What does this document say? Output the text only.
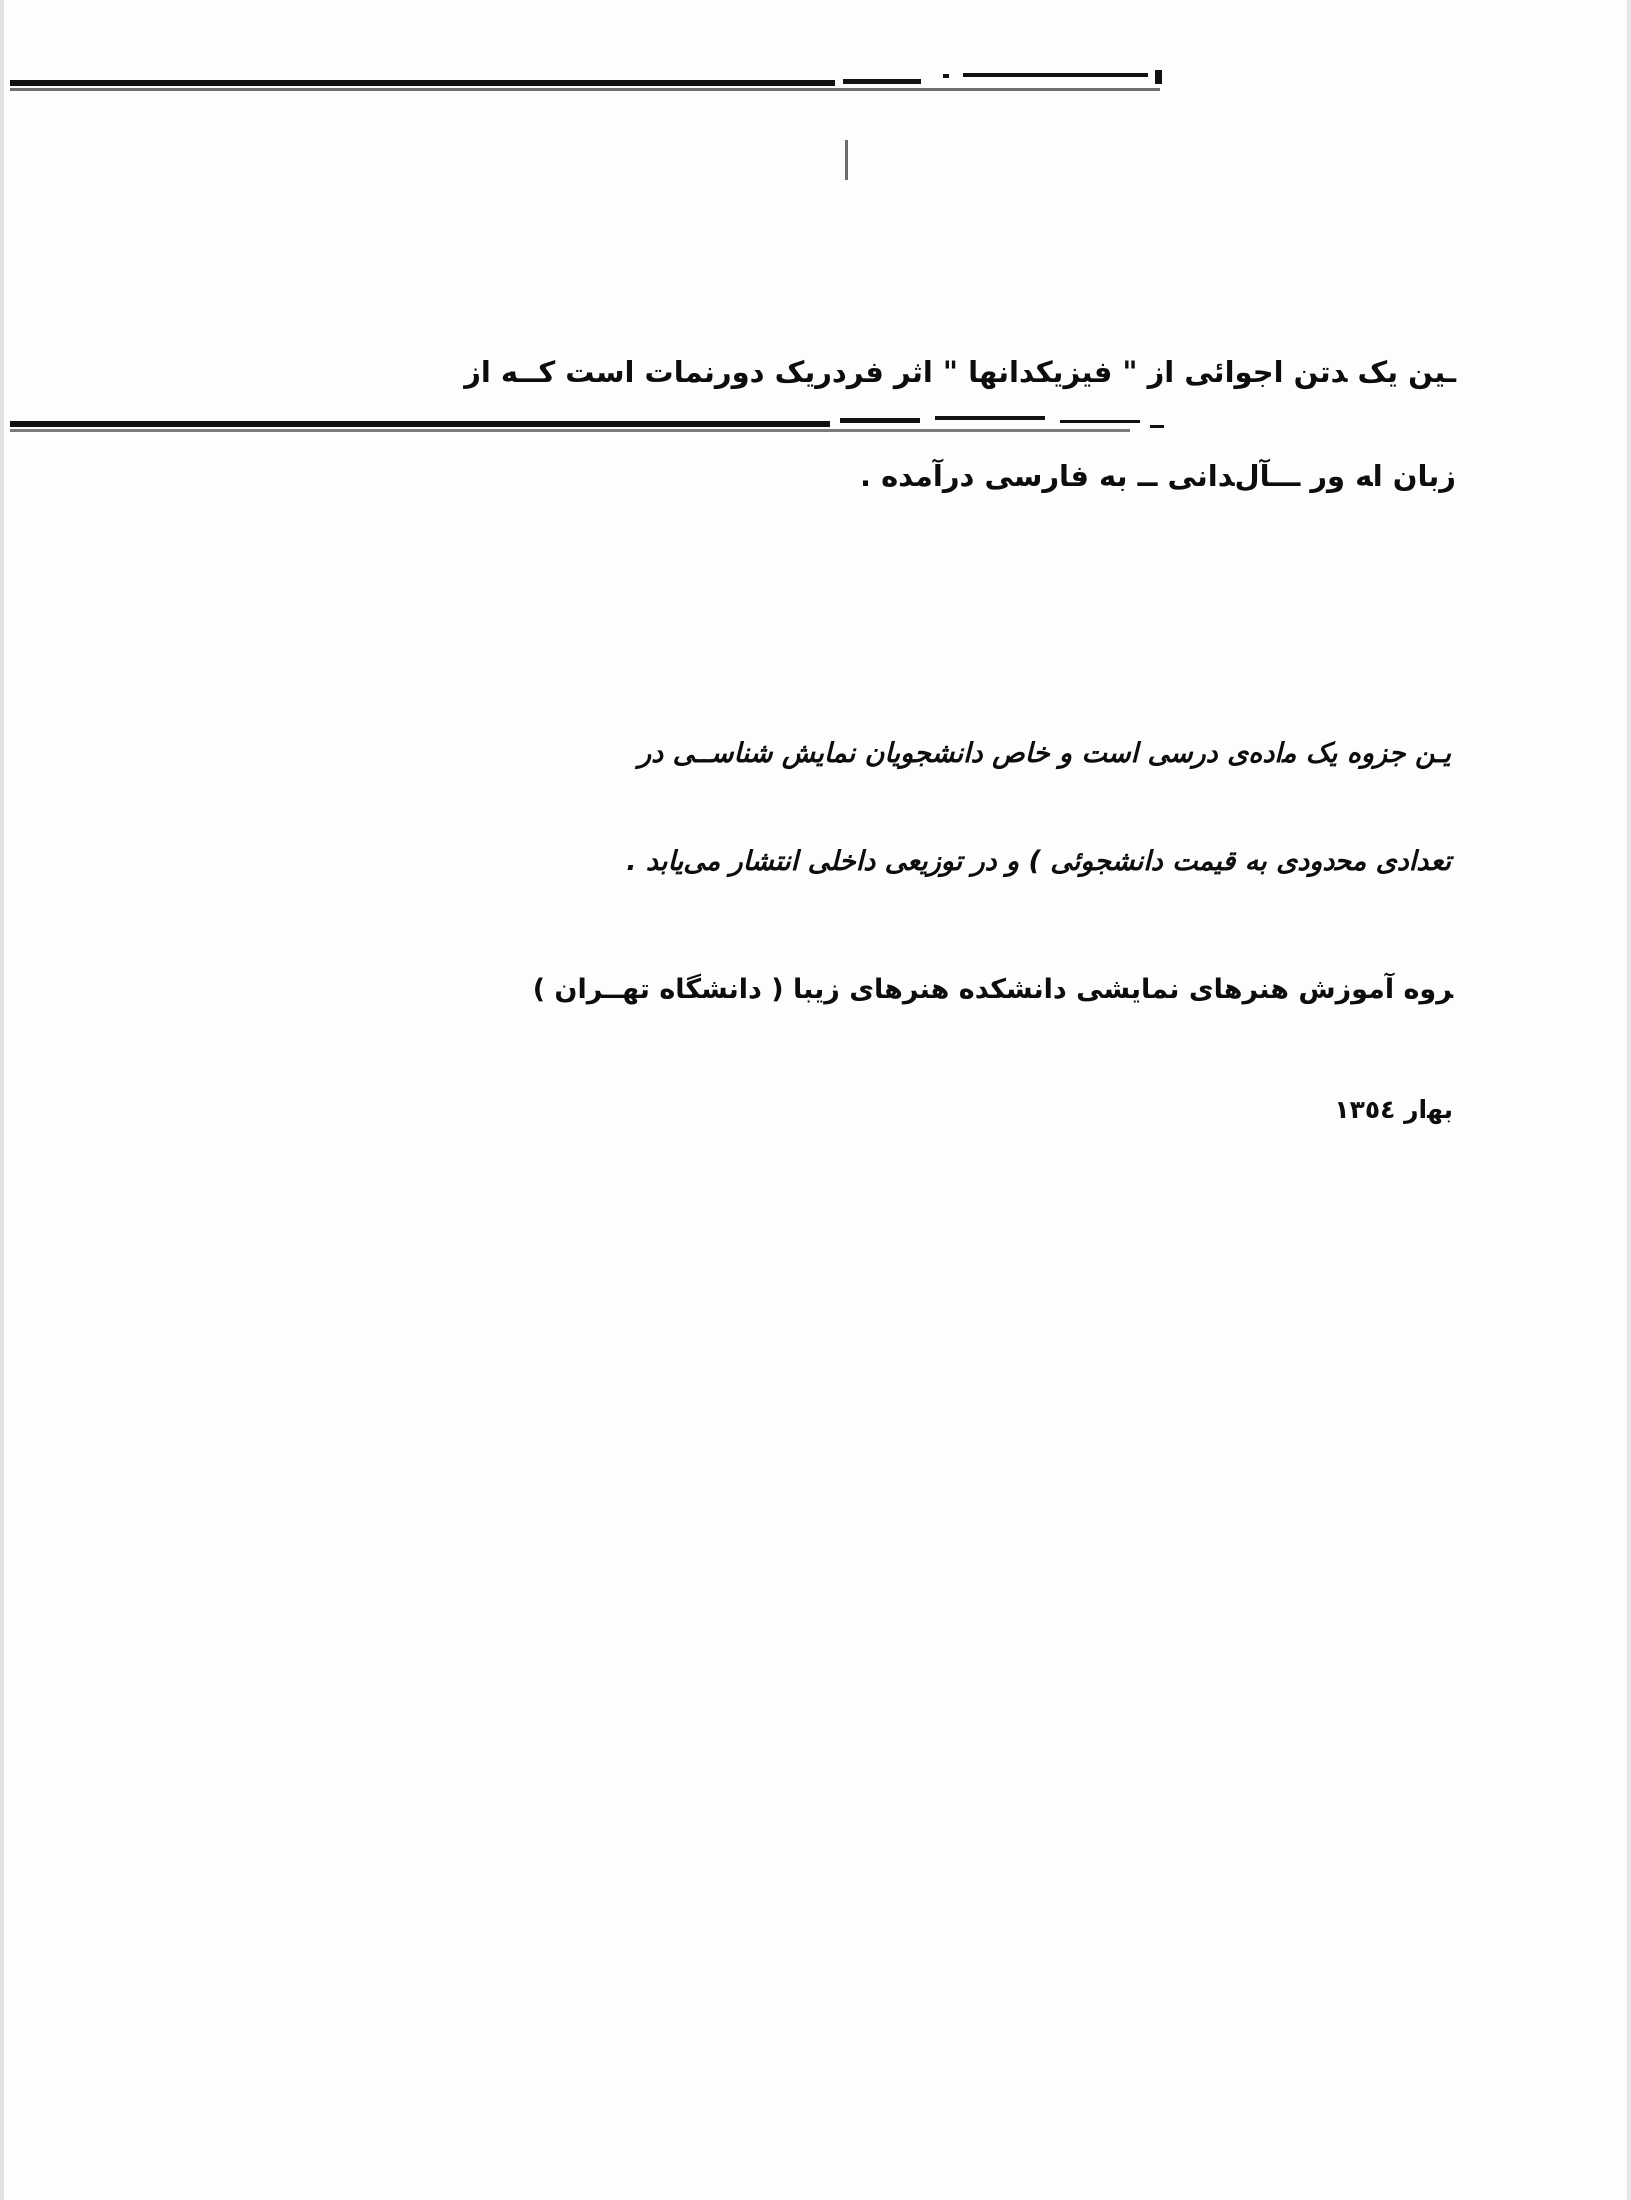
ـین یک ﺪتن اجوائی از " فیزیکدانها " اثر فردریک دورنمات است کــه از
زبان اﻪ ﻭﺭ ـــآلﺪانی ــ به فارسی درآمده .
یـن جزﻭﻩ یک ﻣاده‌ی درسی است و خاص دانشجویان نمایش شناســی در
تعدادی ﻣﺤدودﻯ به قیمت دانشجوئی ) و در توزیعی داخلی انتشار می‌یابد .
ﺮﻭﻩ آموزش هنرهای نمایشی دانشکده هنرهای زیبا ( دانشگاه تهــران )
ﺑﻬار ١٣٥٤
